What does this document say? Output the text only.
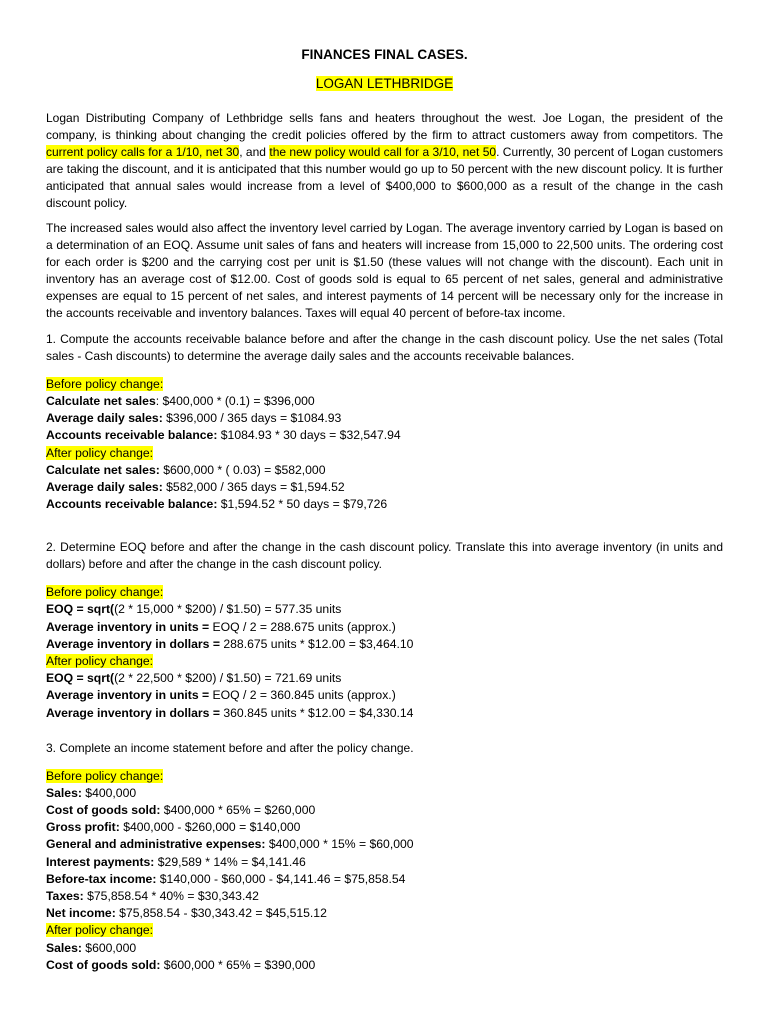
FINANCES FINAL CASES.
LOGAN LETHBRIDGE

Logan Distributing Company of Lethbridge sells fans and heaters throughout the west. Joe Logan, the president of the company, is thinking about changing the credit policies offered by the firm to attract customers away from competitors. The current policy calls for a 1/10, net 30, and the new policy would call for a 3/10, net 50. Currently, 30 percent of Logan customers are taking the discount, and it is anticipated that this number would go up to 50 percent with the new discount policy. It is further anticipated that annual sales would increase from a level of $400,000 to $600,000 as a result of the change in the cash discount policy.

The increased sales would also affect the inventory level carried by Logan. The average inventory carried by Logan is based on a determination of an EOQ. Assume unit sales of fans and heaters will increase from 15,000 to 22,500 units. The ordering cost for each order is $200 and the carrying cost per unit is $1.50 (these values will not change with the discount). Each unit in inventory has an average cost of $12.00. Cost of goods sold is equal to 65 percent of net sales, general and administrative expenses are equal to 15 percent of net sales, and interest payments of 14 percent will be necessary only for the increase in the accounts receivable and inventory balances. Taxes will equal 40 percent of before-tax income.

1. Compute the accounts receivable balance before and after the change in the cash discount policy. Use the net sales (Total sales - Cash discounts) to determine the average daily sales and the accounts receivable balances.

Before policy change:
Calculate net sales: $400,000 * (0.1) = $396,000
Average daily sales: $396,000 / 365 days = $1084.93
Accounts receivable balance: $1084.93 * 30 days = $32,547.94
After policy change:
Calculate net sales: $600,000 * ( 0.03) = $582,000
Average daily sales: $582,000 / 365 days = $1,594.52
Accounts receivable balance: $1,594.52 * 50 days = $79,726

2. Determine EOQ before and after the change in the cash discount policy. Translate this into average inventory (in units and dollars) before and after the change in the cash discount policy.

Before policy change:
EOQ = sqrt((2 * 15,000 * $200) / $1.50) = 577.35 units
Average inventory in units = EOQ / 2 = 288.675 units (approx.)
Average inventory in dollars = 288.675 units * $12.00 = $3,464.10
After policy change:
EOQ = sqrt((2 * 22,500 * $200) / $1.50) = 721.69 units
Average inventory in units = EOQ / 2 = 360.845 units (approx.)
Average inventory in dollars = 360.845 units * $12.00 = $4,330.14

3. Complete an income statement before and after the policy change.

Before policy change:
Sales: $400,000
Cost of goods sold: $400,000 * 65% = $260,000
Gross profit: $400,000 - $260,000 = $140,000
General and administrative expenses: $400,000 * 15% = $60,000
Interest payments: $29,589 * 14% = $4,141.46
Before-tax income: $140,000 - $60,000 - $4,141.46 = $75,858.54
Taxes: $75,858.54 * 40% = $30,343.42
Net income: $75,858.54 - $30,343.42 = $45,515.12
After policy change:
Sales: $600,000
Cost of goods sold: $600,000 * 65% = $390,000
